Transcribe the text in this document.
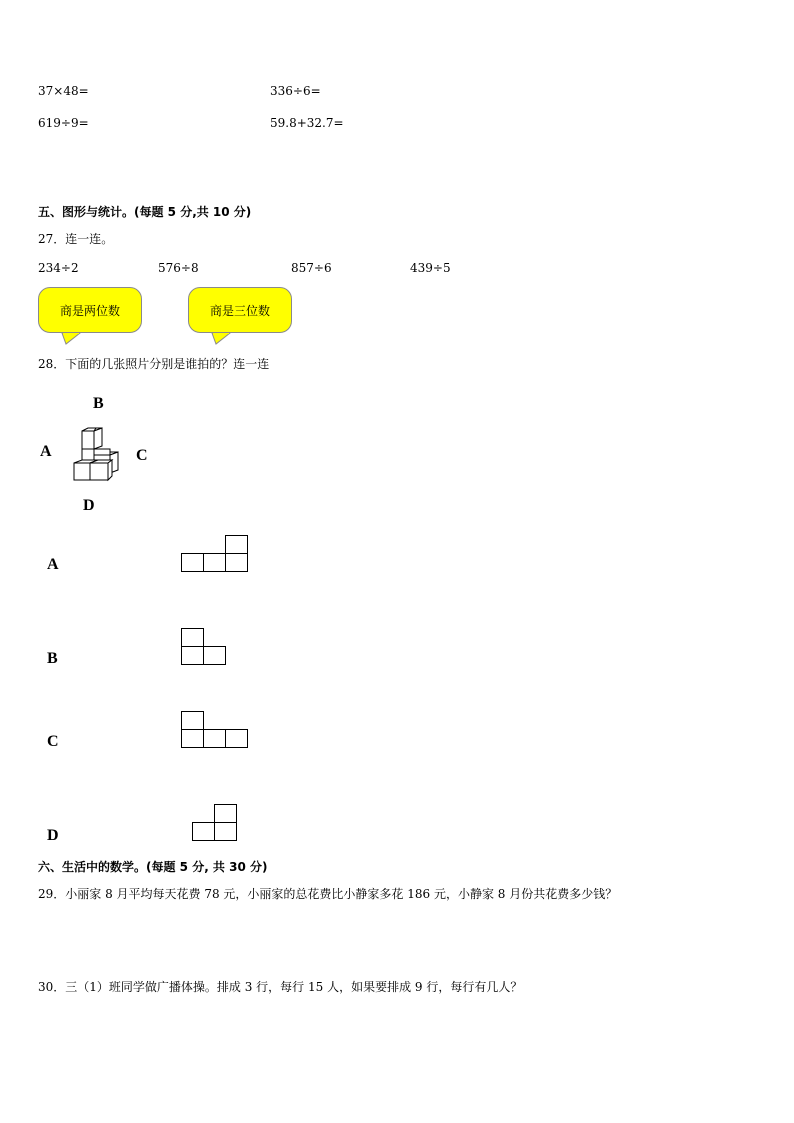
37×48=	336÷6=
619÷9=	59.8+32.7=
五、图形与统计。(每题 5 分,共 10 分)
27．连一连。
234÷2	576÷8	857÷6	439÷5
商是两位数	商是三位数
28．下面的几张照片分别是谁拍的？连一连
B
A	C
D
A
B
C
D
六、生活中的数学。(每题 5 分, 共 30 分)
29．小丽家 8 月平均每天花费 78 元，小丽家的总花费比小静家多花 186 元，小静家 8 月份共花费多少钱？
30．三（1）班同学做广播体操。排成 3 行，每行 15 人，如果要排成 9 行，每行有几人？
